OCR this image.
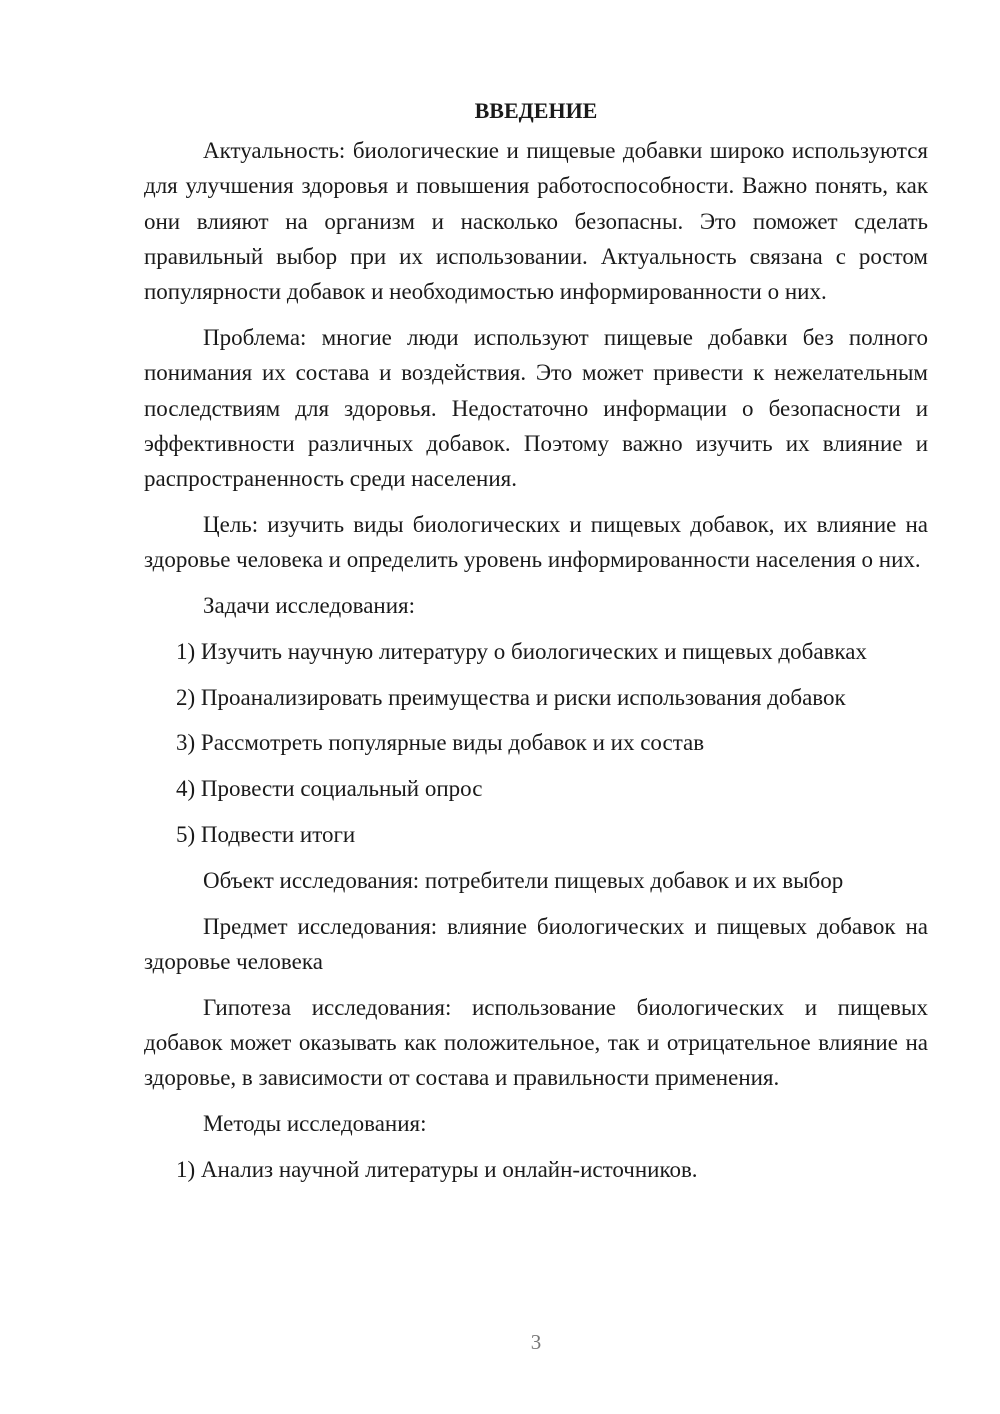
ВВЕДЕНИЕ

Актуальность: биологические и пищевые добавки широко используются для улучшения здоровья и повышения работоспособности. Важно понять, как они влияют на организм и насколько безопасны. Это поможет сделать правильный выбор при их использовании. Актуальность связана с ростом популярности добавок и необходимостью информированности о них.

Проблема: многие люди используют пищевые добавки без полного понимания их состава и воздействия. Это может привести к нежелательным последствиям для здоровья. Недостаточно информации о безопасности и эффективности различных добавок. Поэтому важно изучить их влияние и распространенность среди населения.

Цель: изучить виды биологических и пищевых добавок, их влияние на здоровье человека и определить уровень информированности населения о них.

Задачи исследования:

1) Изучить научную литературу о биологических и пищевых добавках
2) Проанализировать преимущества и риски использования добавок
3) Рассмотреть популярные виды добавок и их состав
4) Провести социальный опрос
5) Подвести итоги

Объект исследования: потребители пищевых добавок и их выбор

Предмет исследования: влияние биологических и пищевых добавок на здоровье человека

Гипотеза исследования: использование биологических и пищевых добавок может оказывать как положительное, так и отрицательное влияние на здоровье, в зависимости от состава и правильности применения.

Методы исследования:

1) Анализ научной литературы и онлайн-источников.
3
